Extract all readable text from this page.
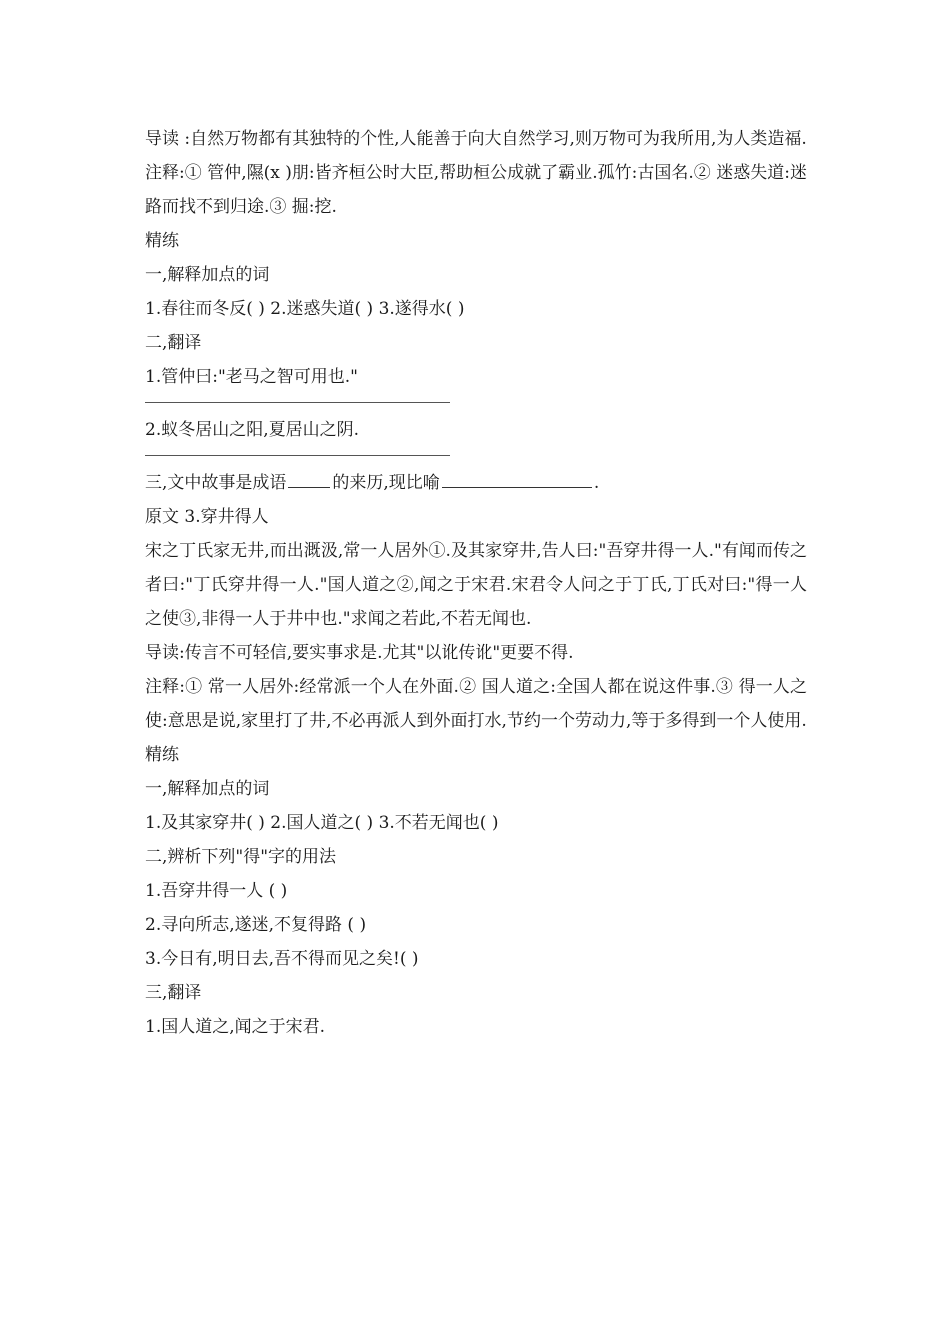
导读 :自然万物都有其独特的个性,人能善于向大自然学习,则万物可为我所用,为人类造福.

注释:① 管仲,隰(x )朋:皆齐桓公时大臣,帮助桓公成就了霸业.孤竹:古国名.② 迷惑失道:迷路而找不到归途.③ 掘:挖.

精练

一,解释加点的词

1.春往而冬反( ) 2.迷惑失道( ) 3.遂得水( )

二,翻译

1.管仲曰:"老马之智可用也."

2.蚁冬居山之阳,夏居山之阴.

三,文中故事是成语	的来历,现比喻	.

原文 3.穿井得人

宋之丁氏家无井,而出溉汲,常一人居外①.及其家穿井,告人曰:"吾穿井得一人."有闻而传之者曰:"丁氏穿井得一人."国人道之②,闻之于宋君.宋君令人问之于丁氏,丁氏对曰:"得一人之使③,非得一人于井中也."求闻之若此,不若无闻也.

导读:传言不可轻信,要实事求是.尤其"以讹传讹"更要不得.

注释:① 常一人居外:经常派一个人在外面.② 国人道之:全国人都在说这件事.③ 得一人之使:意思是说,家里打了井,不必再派人到外面打水,节约一个劳动力,等于多得到一个人使用.

精练

一,解释加点的词

1.及其家穿井( ) 2.国人道之( ) 3.不若无闻也( )

二,辨析下列"得"字的用法

1.吾穿井得一人 ( )

2.寻向所志,遂迷,不复得路 ( )

3.今日有,明日去,吾不得而见之矣!( )

三,翻译

1.国人道之,闻之于宋君.
